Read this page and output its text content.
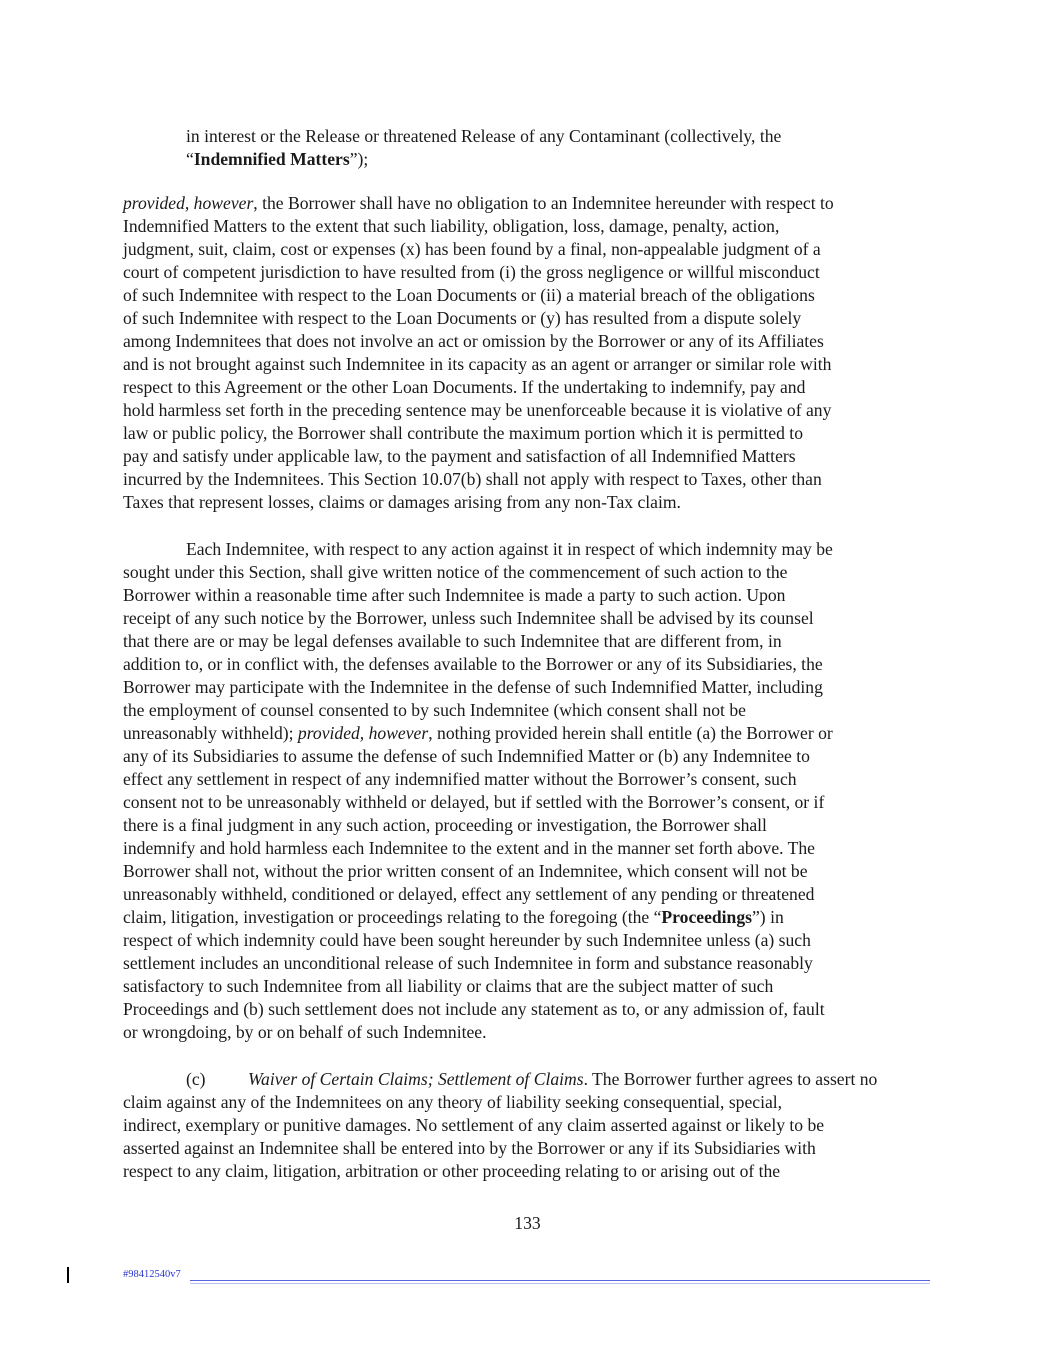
in interest or the Release or threatened Release of any Contaminant (collectively, the
“Indemnified Matters”);
provided, however, the Borrower shall have no obligation to an Indemnitee hereunder with respect to
Indemnified Matters to the extent that such liability, obligation, loss, damage, penalty, action,
judgment, suit, claim, cost or expenses (x) has been found by a final, non-appealable judgment of a
court of competent jurisdiction to have resulted from (i) the gross negligence or willful misconduct
of such Indemnitee with respect to the Loan Documents or (ii) a material breach of the obligations
of such Indemnitee with respect to the Loan Documents or (y) has resulted from a dispute solely
among Indemnitees that does not involve an act or omission by the Borrower or any of its Affiliates
and is not brought against such Indemnitee in its capacity as an agent or arranger or similar role with
respect to this Agreement or the other Loan Documents. If the undertaking to indemnify, pay and
hold harmless set forth in the preceding sentence may be unenforceable because it is violative of any
law or public policy, the Borrower shall contribute the maximum portion which it is permitted to
pay and satisfy under applicable law, to the payment and satisfaction of all Indemnified Matters
incurred by the Indemnitees. This Section 10.07(b) shall not apply with respect to Taxes, other than
Taxes that represent losses, claims or damages arising from any non-Tax claim.
Each Indemnitee, with respect to any action against it in respect of which indemnity may be
sought under this Section, shall give written notice of the commencement of such action to the
Borrower within a reasonable time after such Indemnitee is made a party to such action. Upon
receipt of any such notice by the Borrower, unless such Indemnitee shall be advised by its counsel
that there are or may be legal defenses available to such Indemnitee that are different from, in
addition to, or in conflict with, the defenses available to the Borrower or any of its Subsidiaries, the
Borrower may participate with the Indemnitee in the defense of such Indemnified Matter, including
the employment of counsel consented to by such Indemnitee (which consent shall not be
unreasonably withheld); provided, however, nothing provided herein shall entitle (a) the Borrower or
any of its Subsidiaries to assume the defense of such Indemnified Matter or (b) any Indemnitee to
effect any settlement in respect of any indemnified matter without the Borrower’s consent, such
consent not to be unreasonably withheld or delayed, but if settled with the Borrower’s consent, or if
there is a final judgment in any such action, proceeding or investigation, the Borrower shall
indemnify and hold harmless each Indemnitee to the extent and in the manner set forth above. The
Borrower shall not, without the prior written consent of an Indemnitee, which consent will not be
unreasonably withheld, conditioned or delayed, effect any settlement of any pending or threatened
claim, litigation, investigation or proceedings relating to the foregoing (the “Proceedings”) in
respect of which indemnity could have been sought hereunder by such Indemnitee unless (a) such
settlement includes an unconditional release of such Indemnitee in form and substance reasonably
satisfactory to such Indemnitee from all liability or claims that are the subject matter of such
Proceedings and (b) such settlement does not include any statement as to, or any admission of, fault
or wrongdoing, by or on behalf of such Indemnitee.
(c) Waiver of Certain Claims; Settlement of Claims. The Borrower further agrees to assert no
claim against any of the Indemnitees on any theory of liability seeking consequential, special,
indirect, exemplary or punitive damages. No settlement of any claim asserted against or likely to be
asserted against an Indemnitee shall be entered into by the Borrower or any if its Subsidiaries with
respect to any claim, litigation, arbitration or other proceeding relating to or arising out of the
133
#98412540v7
